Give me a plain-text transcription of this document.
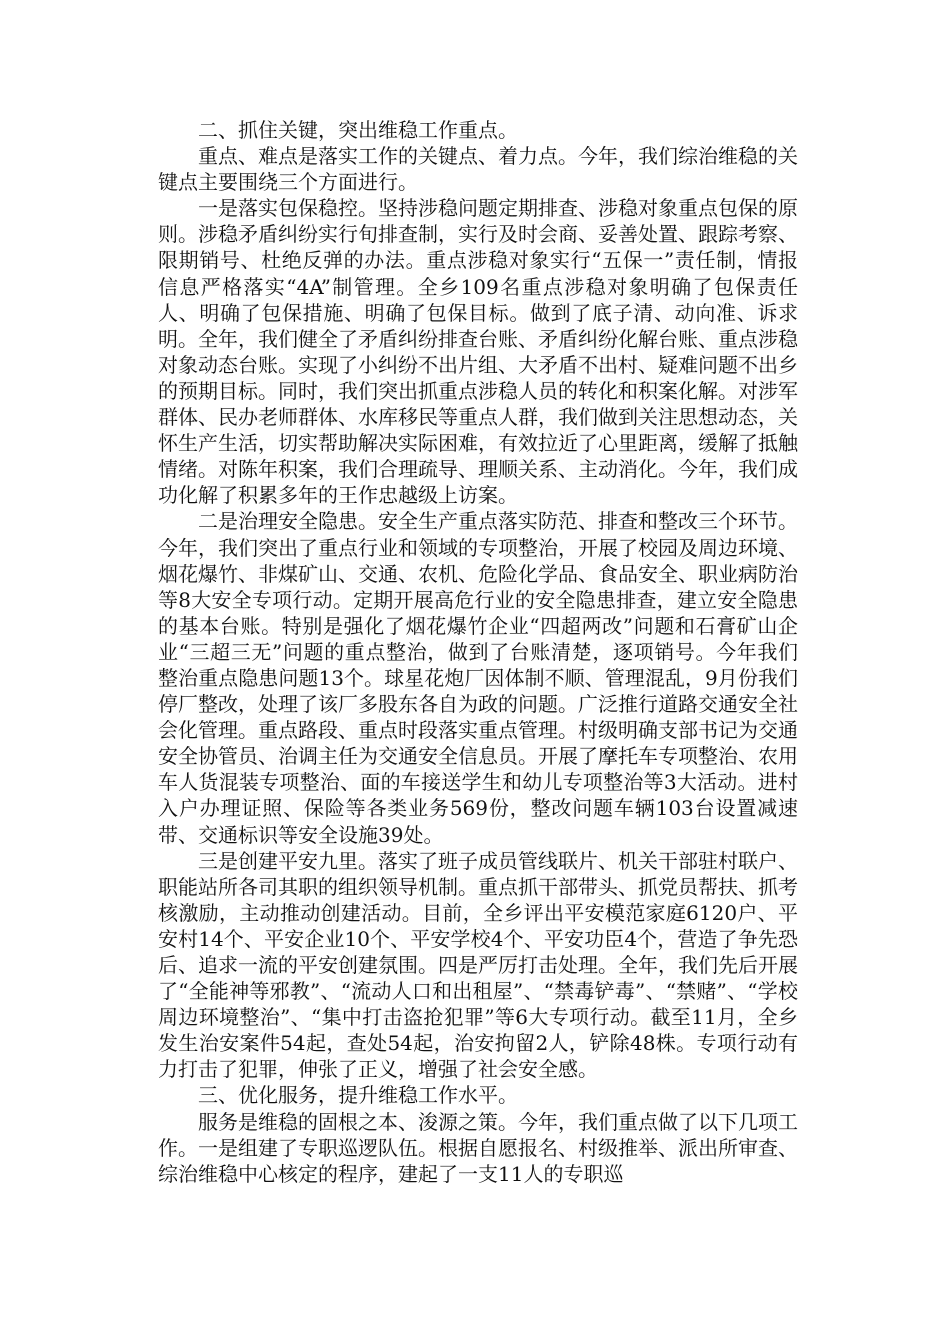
二、抓住关键，突出维稳工作重点。

重点、难点是落实工作的关键点、着力点。今年，我们综治维稳的关键点主要围绕三个方面进行。

一是落实包保稳控。坚持涉稳问题定期排查、涉稳对象重点包保的原则。涉稳矛盾纠纷实行旬排查制，实行及时会商、妥善处置、跟踪考察、限期销号、杜绝反弹的办法。重点涉稳对象实行“五保一”责任制，情报信息严格落实“4A”制管理。全乡109名重点涉稳对象明确了包保责任人、明确了包保措施、明确了包保目标。做到了底子清、动向准、诉求明。全年，我们健全了矛盾纠纷排查台账、矛盾纠纷化解台账、重点涉稳对象动态台账。实现了小纠纷不出片组、大矛盾不出村、疑难问题不出乡的预期目标。同时，我们突出抓重点涉稳人员的转化和积案化解。对涉军群体、民办老师群体、水库移民等重点人群，我们做到关注思想动态，关怀生产生活，切实帮助解决实际困难，有效拉近了心里距离，缓解了抵触情绪。对陈年积案，我们合理疏导、理顺关系、主动消化。今年，我们成功化解了积累多年的王作忠越级上访案。

二是治理安全隐患。安全生产重点落实防范、排查和整改三个环节。今年，我们突出了重点行业和领域的专项整治，开展了校园及周边环境、烟花爆竹、非煤矿山、交通、农机、危险化学品、食品安全、职业病防治等8大安全专项行动。定期开展高危行业的安全隐患排查，建立安全隐患的基本台账。特别是强化了烟花爆竹企业“四超两改”问题和石膏矿山企业“三超三无”问题的重点整治，做到了台账清楚，逐项销号。今年我们整治重点隐患问题13个。球星花炮厂因体制不顺、管理混乱，9月份我们停厂整改，处理了该厂多股东各自为政的问题。广泛推行道路交通安全社会化管理。重点路段、重点时段落实重点管理。村级明确支部书记为交通安全协管员、治调主任为交通安全信息员。开展了摩托车专项整治、农用车人货混装专项整治、面的车接送学生和幼儿专项整治等3大活动。进村入户办理证照、保险等各类业务569份，整改问题车辆103台设置减速带、交通标识等安全设施39处。

三是创建平安九里。落实了班子成员管线联片、机关干部驻村联户、职能站所各司其职的组织领导机制。重点抓干部带头、抓党员帮扶、抓考核激励，主动推动创建活动。目前，全乡评出平安模范家庭6120户、平安村14个、平安企业10个、平安学校4个、平安功臣4个，营造了争先恐后、追求一流的平安创建氛围。四是严厉打击处理。全年，我们先后开展了“全能神等邪教”、“流动人口和出租屋”、“禁毒铲毒”、“禁赌”、“学校周边环境整治”、“集中打击盗抢犯罪”等6大专项行动。截至11月，全乡发生治安案件54起，查处54起，治安拘留2人，铲除48株。专项行动有力打击了犯罪，伸张了正义，增强了社会安全感。

三、优化服务，提升维稳工作水平。

服务是维稳的固根之本、浚源之策。今年，我们重点做了以下几项工作。一是组建了专职巡逻队伍。根据自愿报名、村级推举、派出所审查、综治维稳中心核定的程序，建起了一支11人的专职巡
